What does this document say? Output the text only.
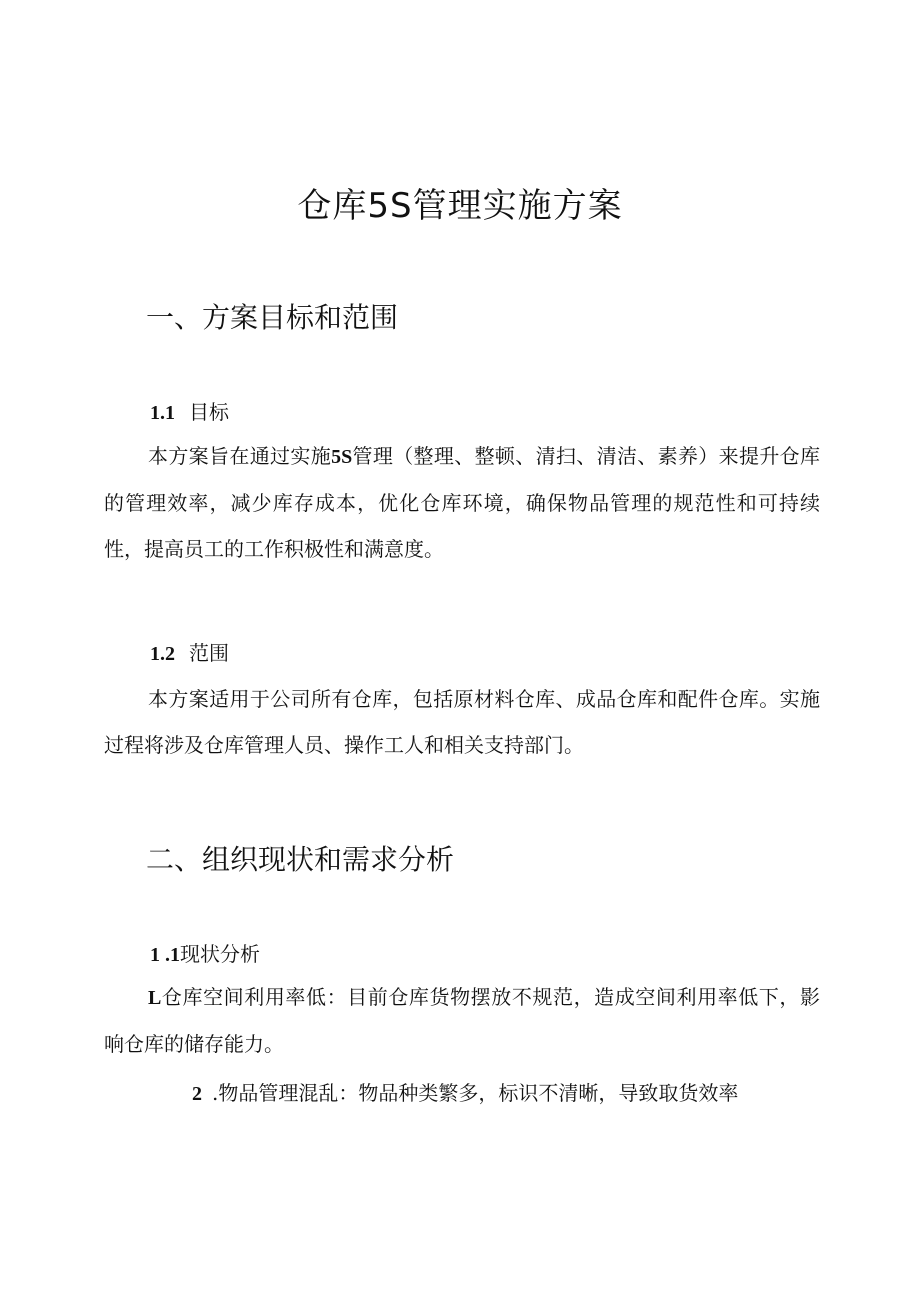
仓库5S管理实施方案
一、方案目标和范围
1.1 目标

本方案旨在通过实施5S管理（整理、整顿、清扫、清洁、素养）来提升仓库的管理效率，减少库存成本，优化仓库环境，确保物品管理的规范性和可持续性，提高员工的工作积极性和满意度。

1.2 范围

本方案适用于公司所有仓库，包括原材料仓库、成品仓库和配件仓库。实施过程将涉及仓库管理人员、操作工人和相关支持部门。

二、组织现状和需求分析
1 .1现状分析

L仓库空间利用率低：目前仓库货物摆放不规范，造成空间利用率低下，影响仓库的储存能力。

2 .物品管理混乱：物品种类繁多，标识不清晰，导致取货效率
